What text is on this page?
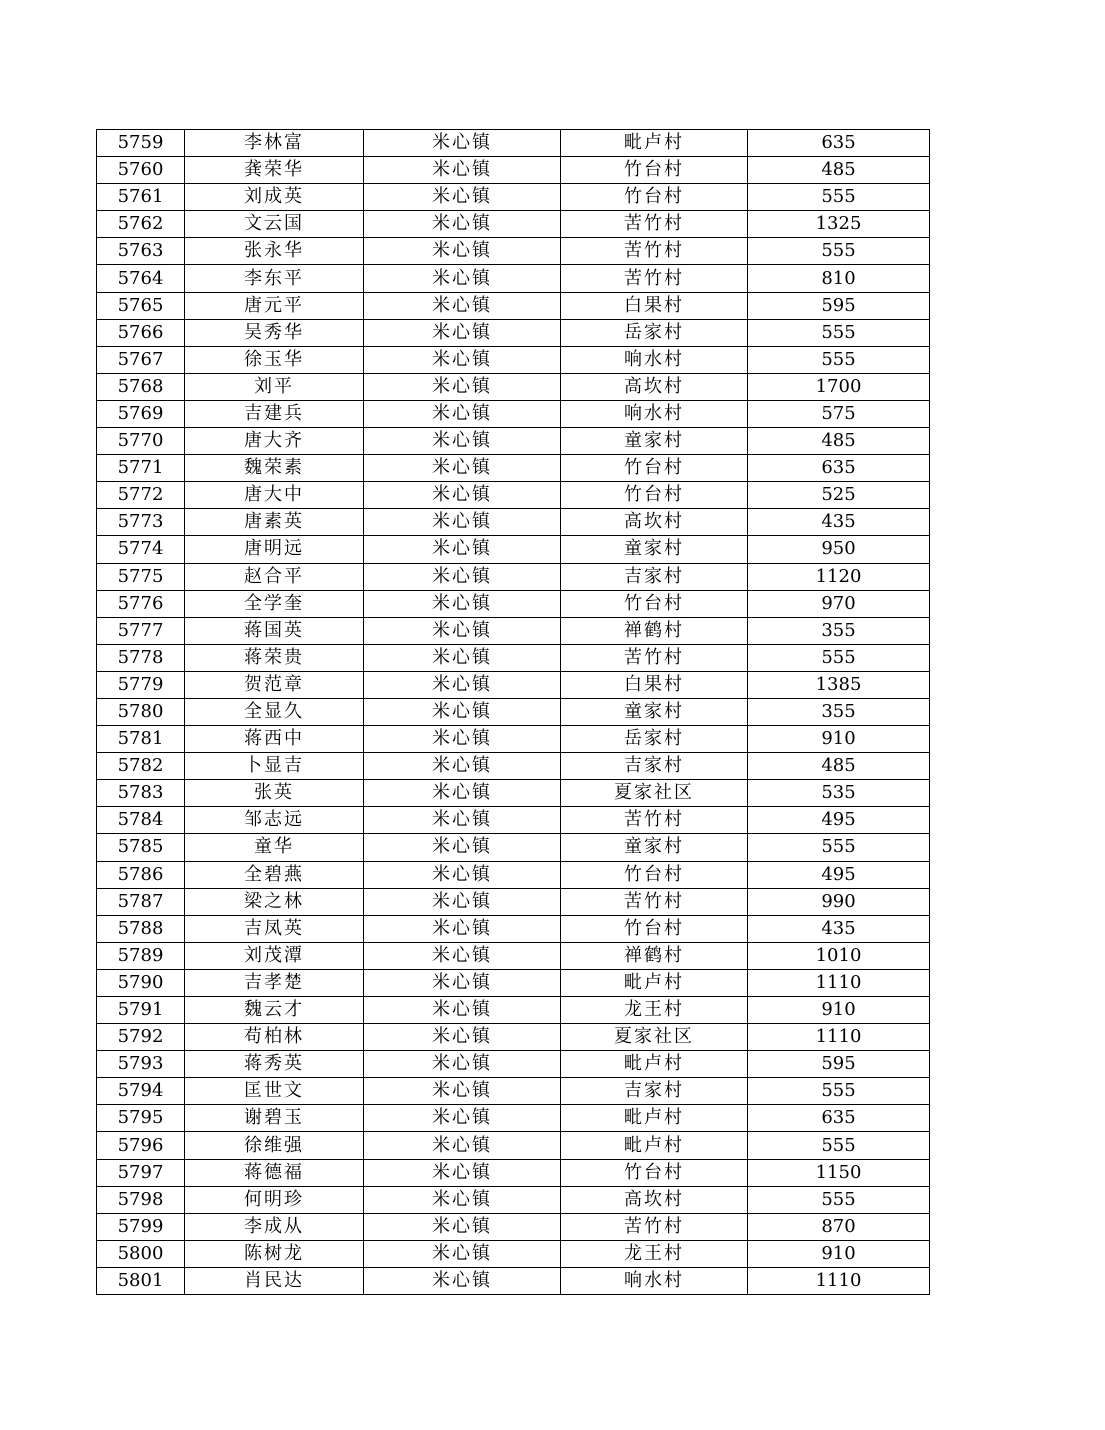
5759	李林富	米心镇	毗卢村	635
5760	龚荣华	米心镇	竹台村	485
5761	刘成英	米心镇	竹台村	555
5762	文云国	米心镇	苦竹村	1325
5763	张永华	米心镇	苦竹村	555
5764	李东平	米心镇	苦竹村	810
5765	唐元平	米心镇	白果村	595
5766	吴秀华	米心镇	岳家村	555
5767	徐玉华	米心镇	响水村	555
5768	刘平	米心镇	高坎村	1700
5769	吉建兵	米心镇	响水村	575
5770	唐大齐	米心镇	童家村	485
5771	魏荣素	米心镇	竹台村	635
5772	唐大中	米心镇	竹台村	525
5773	唐素英	米心镇	高坎村	435
5774	唐明远	米心镇	童家村	950
5775	赵合平	米心镇	吉家村	1120
5776	全学奎	米心镇	竹台村	970
5777	蒋国英	米心镇	禅鹤村	355
5778	蒋荣贵	米心镇	苦竹村	555
5779	贺范章	米心镇	白果村	1385
5780	全显久	米心镇	童家村	355
5781	蒋西中	米心镇	岳家村	910
5782	卜显吉	米心镇	吉家村	485
5783	张英	米心镇	夏家社区	535
5784	邹志远	米心镇	苦竹村	495
5785	童华	米心镇	童家村	555
5786	全碧燕	米心镇	竹台村	495
5787	梁之林	米心镇	苦竹村	990
5788	吉凤英	米心镇	竹台村	435
5789	刘茂潭	米心镇	禅鹤村	1010
5790	吉孝楚	米心镇	毗卢村	1110
5791	魏云才	米心镇	龙王村	910
5792	苟柏林	米心镇	夏家社区	1110
5793	蒋秀英	米心镇	毗卢村	595
5794	匡世文	米心镇	吉家村	555
5795	谢碧玉	米心镇	毗卢村	635
5796	徐维强	米心镇	毗卢村	555
5797	蒋德福	米心镇	竹台村	1150
5798	何明珍	米心镇	高坎村	555
5799	李成从	米心镇	苦竹村	870
5800	陈树龙	米心镇	龙王村	910
5801	肖民达	米心镇	响水村	1110
